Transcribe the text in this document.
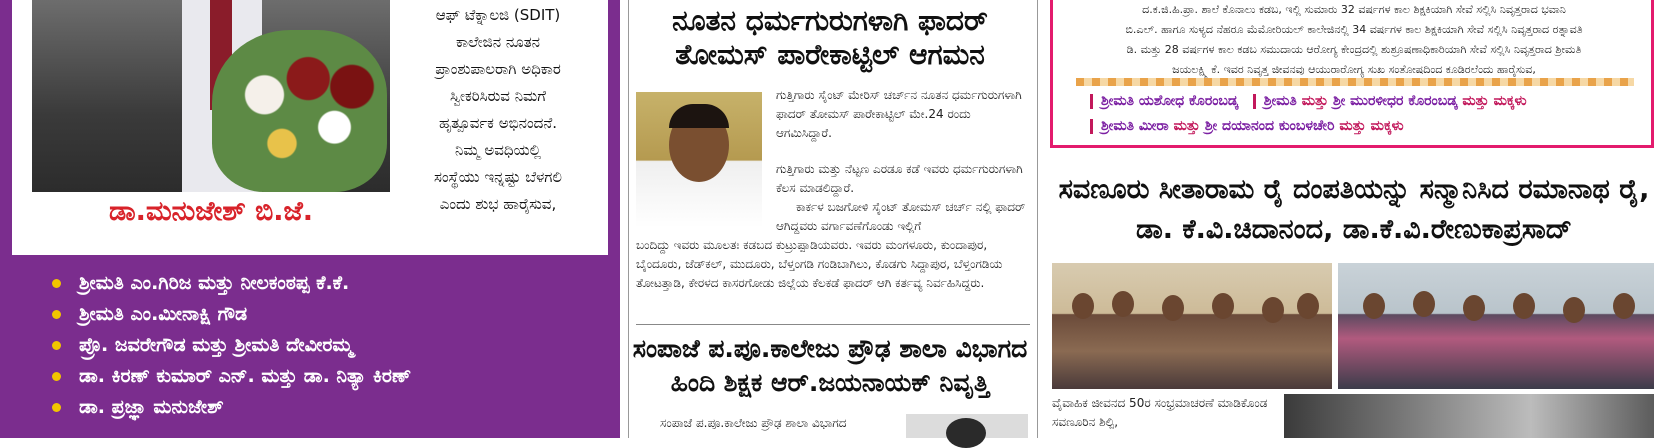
ಡಾ.ಮನುಜೇಶ್ ಬಿ.ಜೆ.
ಆಫ್ ಟೆಕ್ನಾಲಜಿ (SDIT)
ಕಾಲೇಜಿನ ನೂತನ
ಪ್ರಾಂಶುಪಾಲರಾಗಿ ಅಧಿಕಾರ
ಸ್ವೀಕರಿಸಿರುವ ನಿಮಗೆ
ಹೃತ್ಪೂರ್ವಕ ಅಭಿನಂದನೆ.
ನಿಮ್ಮ ಅವಧಿಯಲ್ಲಿ
ಸಂಸ್ಥೆಯು ಇನ್ನಷ್ಟು ಬೆಳಗಲಿ
ಎಂದು ಶುಭ ಹಾರೈಸುವ,
ಶ್ರೀಮತಿ ಎಂ.ಗಿರಿಜ ಮತ್ತು ನೀಲಕಂಠಪ್ಪ ಕೆ.ಕೆ.
ಶ್ರೀಮತಿ ಎಂ.ಮೀನಾಕ್ಷಿ ಗೌಡ
ಪ್ರೊ. ಜವರೇಗೌಡ ಮತ್ತು ಶ್ರೀಮತಿ ದೇವೀರಮ್ಮ
ಡಾ. ಕಿರಣ್ ಕುಮಾರ್ ಎನ್. ಮತ್ತು ಡಾ. ನಿತ್ಯಾ ಕಿರಣ್
ಡಾ. ಪ್ರಜ್ಞಾ ಮನುಜೇಶ್
ನೂತನ ಧರ್ಮಗುರುಗಳಾಗಿ ಫಾದರ್ ತೋಮಸ್ ಪಾರೇಕಾಟ್ಟಿಲ್ ಆಗಮನ
ಗುತ್ತಿಗಾರು ಸೈಂಟ್ ಮೇರಿಸ್ ಚರ್ಚ್‌ನ ನೂತನ ಧರ್ಮಗುರುಗಳಾಗಿ ಫಾದರ್ ತೋಮಸ್ ಪಾರೇಕಾಟ್ಟಿಲ್ ಮೇ.24 ರಂದು ಆಗಮಿಸಿದ್ದಾರೆ.
ಗುತ್ತಿಗಾರು ಮತ್ತು ನೆಟ್ಟಣ ಎರಡೂ ಕಡೆ ಇವರು ಧರ್ಮಗುರುಗಳಾಗಿ ಕೆಲಸ ಮಾಡಲಿದ್ದಾರೆ.
ಕಾರ್ಕಳ ಬಜಗೋಳಿ ಸೈಂಟ್ ತೋಮಸ್ ಚರ್ಚ್ ನಲ್ಲಿ ಫಾದರ್ ಆಗಿದ್ದವರು ವರ್ಗಾವಣೆಗೊಂಡು ಇಲ್ಲಿಗೆ
ಬಂದಿದ್ದು ಇವರು ಮೂಲತಃ ಕಡಬದ ಕುಟ್ರುಪ್ಪಾಡಿಯವರು. ಇವರು ಮಂಗಳೂರು, ಕುಂದಾಪುರ, ಬೈಂದೂರು, ಜೆಡ್‌ಕಲ್, ಮುದೂರು, ಬೆಳ್ತಂಗಡಿ ಗಂಡಿಬಾಗಿಲು, ಕೊಡಗು ಸಿದ್ದಾಪುರ, ಬೆಳ್ತಂಗಡಿಯ ತೋಟತ್ತಾಡಿ, ಕೇರಳದ ಕಾಸರಗೋಡು ಜಿಲ್ಲೆಯ ಕೆಲಕಡೆ ಫಾದರ್ ಆಗಿ ಕರ್ತವ್ಯ ನಿರ್ವಹಿಸಿದ್ದರು.
ಸಂಪಾಜೆ ಪ.ಪೂ.ಕಾಲೇಜು ಪ್ರೌಢ ಶಾಲಾ ವಿಭಾಗದ ಹಿಂದಿ ಶಿಕ್ಷಕ ಆರ್.ಜಯನಾಯಕ್ ನಿವೃತ್ತಿ
ಸಂಪಾಜೆ ಪ.ಪೂ.ಕಾಲೇಜು ಪ್ರೌಢ ಶಾಲಾ ವಿಭಾಗದ
ದ.ಕ.ಜಿ.ಹಿ.ಪ್ರಾ. ಶಾಲೆ ಕೊನಾಲು ಕಡಬ, ಇಲ್ಲಿ ಸುಮಾರು 32 ವರ್ಷಗಳ ಕಾಲ ಶಿಕ್ಷಕಿಯಾಗಿ ಸೇವೆ ಸಲ್ಲಿಸಿ ನಿವೃತ್ತರಾದ ಭವಾನಿ
ಬಿ.ಎಲ್. ಹಾಗೂ ಸುಳ್ಯದ ನೆಹರೂ ಮೆಮೋರಿಯಲ್ ಕಾಲೇಜಿನಲ್ಲಿ 34 ವರ್ಷಗಳ ಕಾಲ ಶಿಕ್ಷಕಿಯಾಗಿ ಸೇವೆ ಸಲ್ಲಿಸಿ ನಿವೃತ್ತರಾದ ರತ್ನಾವತಿ
ಡಿ. ಮತ್ತು 28 ವರ್ಷಗಳ ಕಾಲ ಕಡಬ ಸಮುದಾಯ ಆರೋಗ್ಯ ಕೇಂದ್ರದಲ್ಲಿ ಶುಶ್ರೂಷಣಾಧಿಕಾರಿಯಾಗಿ ಸೇವೆ ಸಲ್ಲಿಸಿ ನಿವೃತ್ತರಾದ ಶ್ರೀಮತಿ
ಜಯಲಕ್ಷ್ಮಿ ಕೆ. ಇವರ ನಿವೃತ್ತ ಜೀವನವು ಆಯುರಾರೋಗ್ಯ ಸುಖ ಸಂತೋಷದಿಂದ ಕೂಡಿರಲೆಂದು ಹಾರೈಸುವ,
ಶ್ರೀಮತಿ ಯಶೋಧ ಕೊರಂಬಡ್ಕ ಶ್ರೀಮತಿ ಮತ್ತು ಶ್ರೀ ಮುರಳೀಧರ ಕೊರಂಬಡ್ಕ ಮತ್ತು ಮಕ್ಕಳು
ಶ್ರೀಮತಿ ಮೀರಾ ಮತ್ತು ಶ್ರೀ ದಯಾನಂದ ಕುಂಬಳಚೇರಿ ಮತ್ತು ಮಕ್ಕಳು
ಸವಣೂರು ಸೀತಾರಾಮ ರೈ ದಂಪತಿಯನ್ನು ಸನ್ಮಾನಿಸಿದ ರಮಾನಾಥ ರೈ,
ಡಾ. ಕೆ.ವಿ.ಚಿದಾನಂದ, ಡಾ.ಕೆ.ವಿ.ರೇಣುಕಾಪ್ರಸಾದ್
ವೈವಾಹಿಕ ಜೀವನದ 50ರ ಸಂಭ್ರಮಾಚರಣೆ ಮಾಡಿಕೊಂಡ ಸವಣೂರಿನ ಶಿಲ್ಪಿ,
